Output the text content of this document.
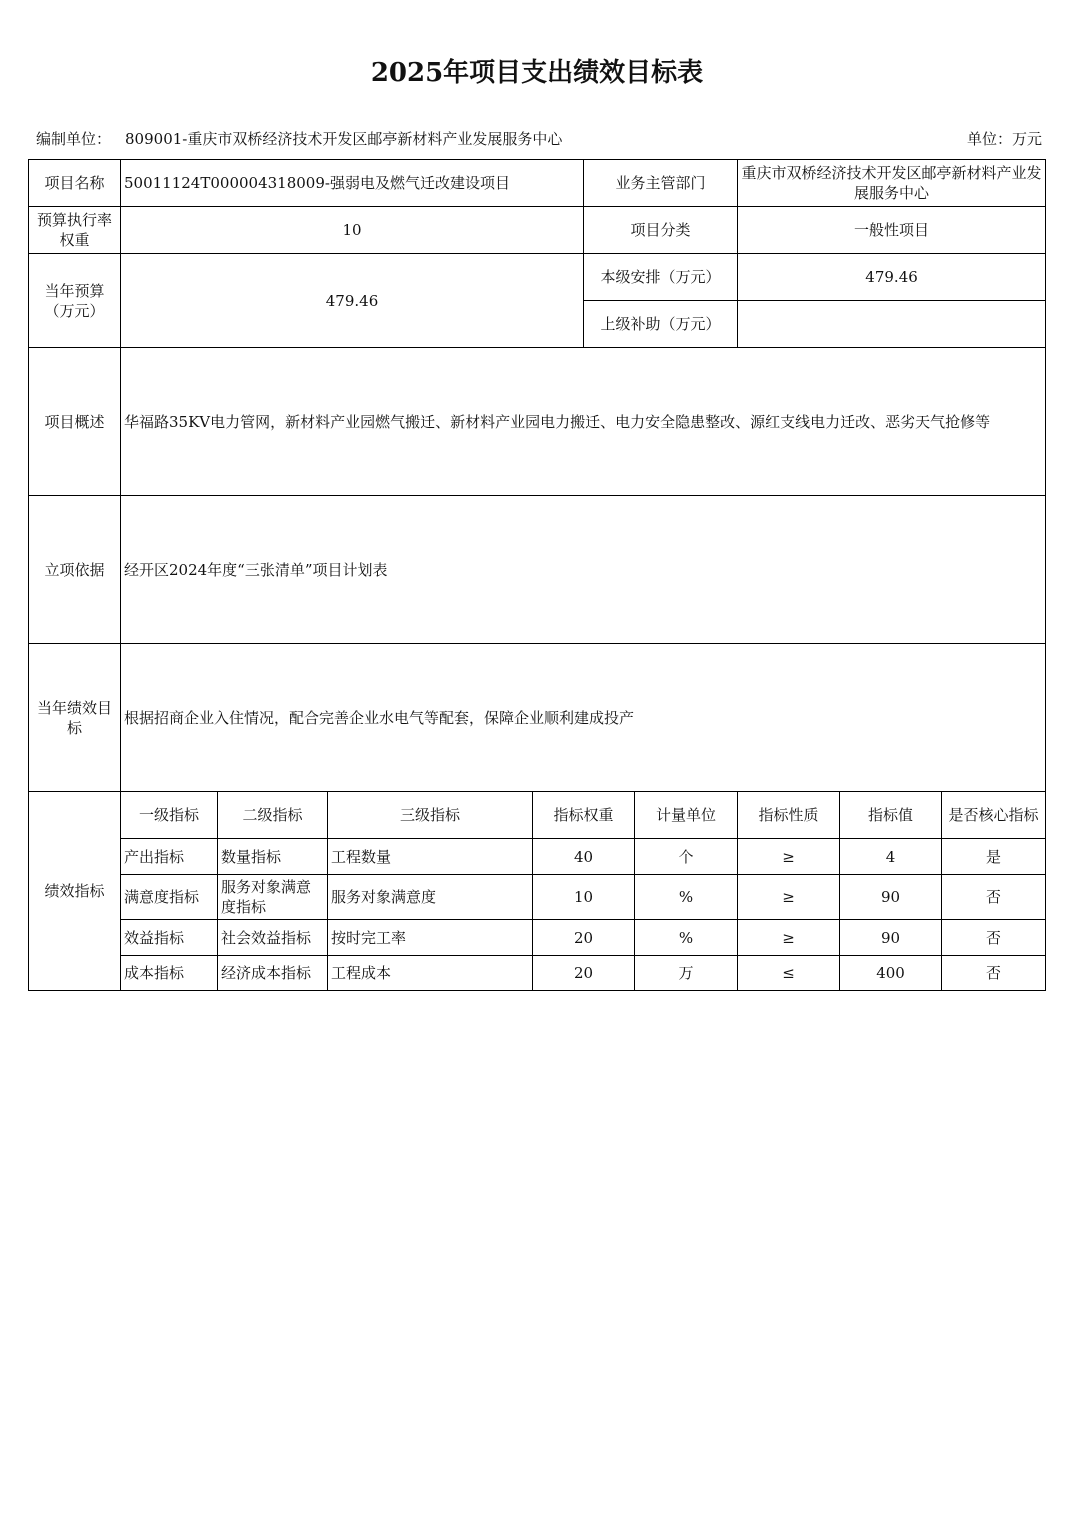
2025年项目支出绩效目标表
编制单位： 809001-重庆市双桥经济技术开发区邮亭新材料产业发展服务中心	单位：万元
项目名称	50011124T000004318009-强弱电及燃气迁改建设项目				业务主管部门		重庆市双桥经济技术开发区邮亭新材料产业发展服务中心		
预算执行率权重	10				项目分类		一般性项目		
当年预算（万元）	479.46				本级安排（万元）		479.46		
					上级补助（万元）				
项目概述	华福路35KV电力管网，新材料产业园燃气搬迁、新材料产业园电力搬迁、电力安全隐患整改、源红支线电力迁改、恶劣天气抢修等								
立项依据	经开区2024年度“三张清单”项目计划表								
当年绩效目标	根据招商企业入住情况，配合完善企业水电气等配套，保障企业顺利建成投产								
绩效指标	一级指标	二级指标	三级指标	指标权重		计量单位	指标性质	指标值	是否核心指标
	产出指标	数量指标	工程数量	40		个	≥	4	是
	满意度指标	服务对象满意度指标	服务对象满意度	10		%	≥	90	否
	效益指标	社会效益指标	按时完工率	20		%	≥	90	否
	成本指标	经济成本指标	工程成本	20		万	≤	400	否
